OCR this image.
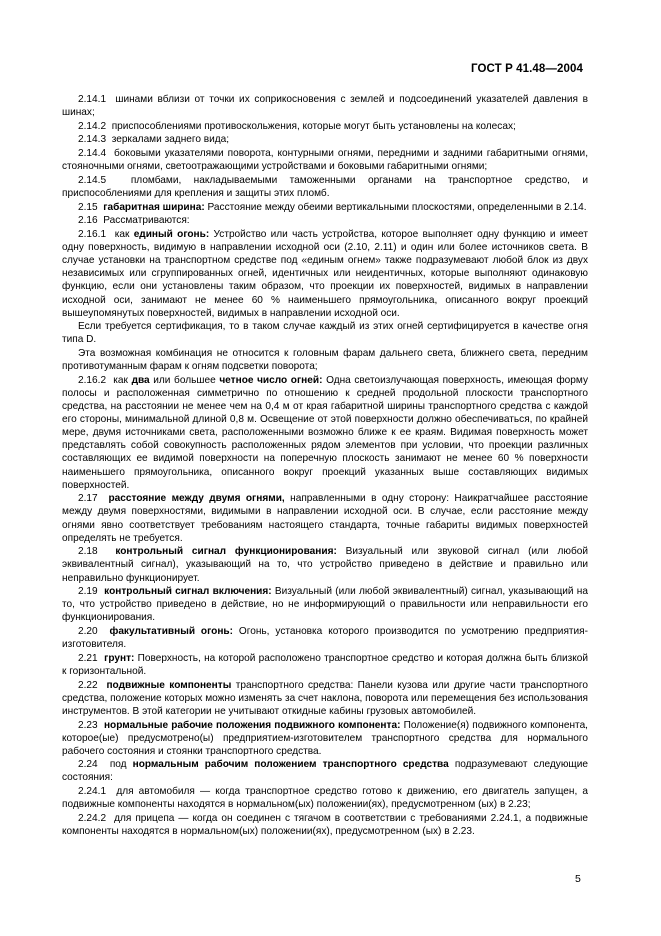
ГОСТ Р 41.48—2004

2.14.1 шинами вблизи от точки их соприкосновения с землей и подсоединений указателей давления в шинах;

2.14.2 приспособлениями противоскольжения, которые могут быть установлены на колесах;

2.14.3 зеркалами заднего вида;

2.14.4 боковыми указателями поворота, контурными огнями, передними и задними габаритными огнями, стояночными огнями, светоотражающими устройствами и боковыми габаритными огнями;

2.14.5 пломбами, накладываемыми таможенными органами на транспортное средство, и приспособлениями для крепления и защиты этих пломб.

2.15 габаритная ширина: Расстояние между обеими вертикальными плоскостями, определенными в 2.14.

2.16 Рассматриваются:

2.16.1 как единый огонь: Устройство или часть устройства, которое выполняет одну функцию и имеет одну поверхность, видимую в направлении исходной оси (2.10, 2.11) и один или более источников света. В случае установки на транспортном средстве под «единым огнем» также подразумевают любой блок из двух независимых или сгруппированных огней, идентичных или неидентичных, которые выполняют одинаковую функцию, если они установлены таким образом, что проекции их поверхностей, видимых в направлении исходной оси, занимают не менее 60 % наименьшего прямоугольника, описанного вокруг проекций вышеупомянутых поверхностей, видимых в направлении исходной оси.

Если требуется сертификация, то в таком случае каждый из этих огней сертифицируется в качестве огня типа D.

Эта возможная комбинация не относится к головным фарам дальнего света, ближнего света, передним противотуманным фарам к огням подсветки поворота;

2.16.2 как два или большее четное число огней: Одна светоизлучающая поверхность, имеющая форму полосы и расположенная симметрично по отношению к средней продольной плоскости транспортного средства, на расстоянии не менее чем на 0,4 м от края габаритной ширины транспортного средства с каждой его стороны, минимальной длиной 0,8 м. Освещение от этой поверхности должно обеспечиваться, по крайней мере, двумя источниками света, расположенными возможно ближе к ее краям. Видимая поверхность может представлять собой совокупность расположенных рядом элементов при условии, что проекции различных составляющих ее видимой поверхности на поперечную плоскость занимают не менее 60 % поверхности наименьшего прямоугольника, описанного вокруг проекций указанных выше составляющих видимых поверхностей.

2.17 расстояние между двумя огнями, направленными в одну сторону: Наикратчайшее расстояние между двумя поверхностями, видимыми в направлении исходной оси. В случае, если расстояние между огнями явно соответствует требованиям настоящего стандарта, точные габариты видимых поверхностей определять не требуется.

2.18 контрольный сигнал функционирования: Визуальный или звуковой сигнал (или любой эквивалентный сигнал), указывающий на то, что устройство приведено в действие и правильно или неправильно функционирует.

2.19 контрольный сигнал включения: Визуальный (или любой эквивалентный) сигнал, указывающий на то, что устройство приведено в действие, но не информирующий о правильности или неправильности его функционирования.

2.20 факультативный огонь: Огонь, установка которого производится по усмотрению предприятия-изготовителя.

2.21 грунт: Поверхность, на которой расположено транспортное средство и которая должна быть близкой к горизонтальной.

2.22 подвижные компоненты транспортного средства: Панели кузова или другие части транспортного средства, положение которых можно изменять за счет наклона, поворота или перемещения без использования инструментов. В этой категории не учитывают откидные кабины грузовых автомобилей.

2.23 нормальные рабочие положения подвижного компонента: Положение(я) подвижного компонента, которое(ые) предусмотрено(ы) предприятием-изготовителем транспортного средства для нормального рабочего состояния и стоянки транспортного средства.

2.24 под нормальным рабочим положением транспортного средства подразумевают следующие состояния:

2.24.1 для автомобиля — когда транспортное средство готово к движению, его двигатель запущен, а подвижные компоненты находятся в нормальном(ых) положении(ях), предусмотренном (ых) в 2.23;

2.24.2 для прицепа — когда он соединен с тягачом в соответствии с требованиями 2.24.1, а подвижные компоненты находятся в нормальном(ых) положении(ях), предусмотренном (ых) в 2.23.

5
